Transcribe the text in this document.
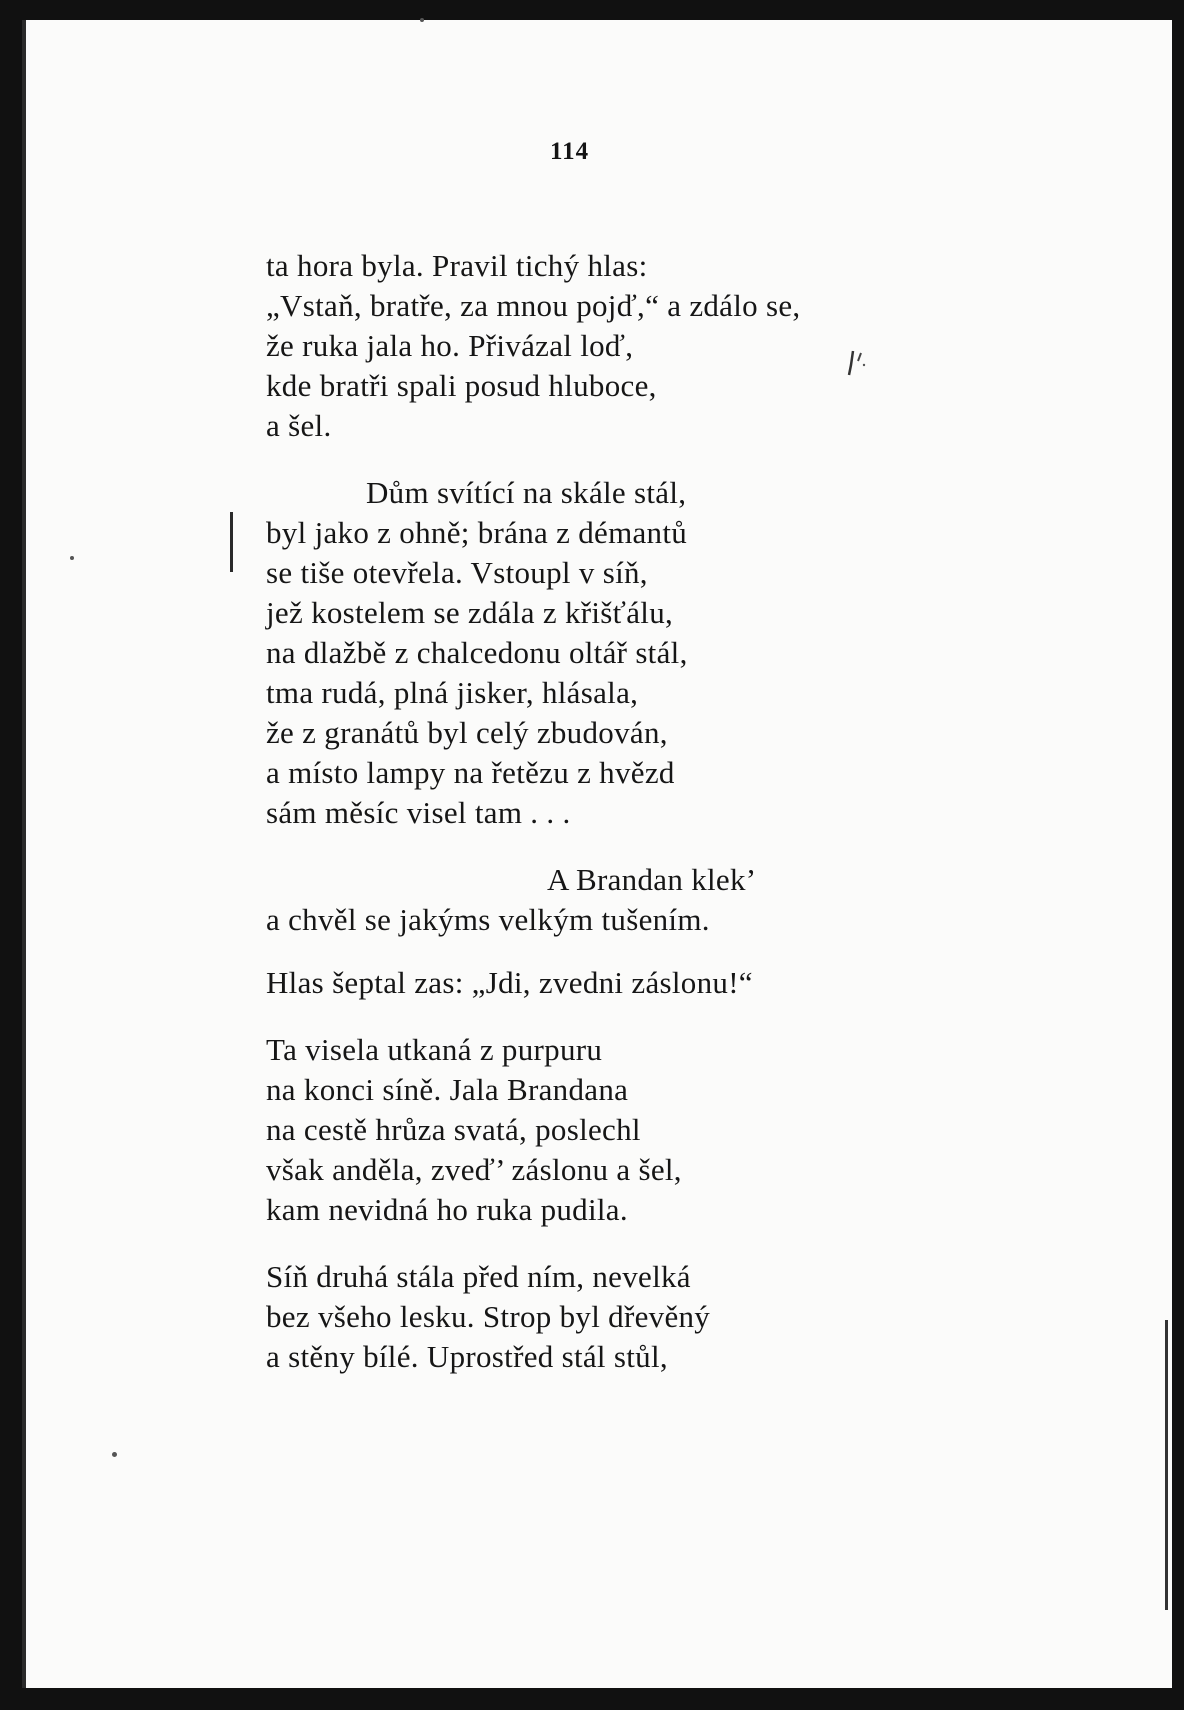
114
ta hora byla. Pravil tichý hlas:
„Vstaň, bratře, za mnou pojď,“ a zdálo se,
že ruka jala ho. Přivázal loď,
kde bratři spali posud hluboce,
a šel.
Dům svítící na skále stál,
byl jako z ohně; brána z démantů
se tiše otevřela. Vstoupl v síň,
jež kostelem se zdála z křišťálu,
na dlažbě z chalcedonu oltář stál,
tma rudá, plná jisker, hlásala,
že z granátů byl celý zbudován,
a místo lampy na řetězu z hvězd
sám měsíc visel tam . . .
A Brandan klek’
a chvěl se jakýms velkým tušením.
Hlas šeptal zas: „Jdi, zvedni záslonu!“
Ta visela utkaná z purpuru
na konci síně. Jala Brandana
na cestě hrůza svatá, poslechl
však anděla, zveď’ záslonu a šel,
kam nevidná ho ruka pudila.
Síň druhá stála před ním, nevelká
bez všeho lesku. Strop byl dřevěný
a stěny bílé. Uprostřed stál stůl,
